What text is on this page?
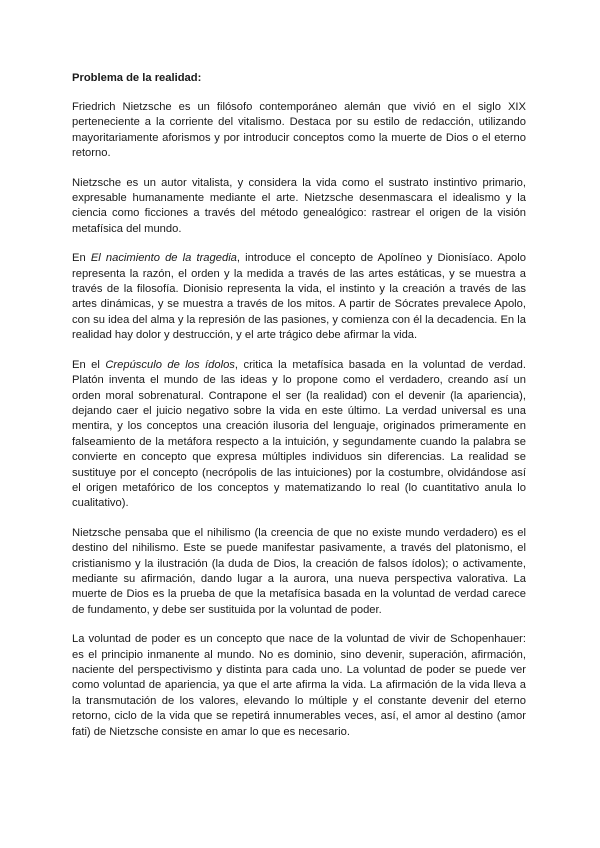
Problema de la realidad:

Friedrich Nietzsche es un filósofo contemporáneo alemán que vivió en el siglo XIX perteneciente a la corriente del vitalismo. Destaca por su estilo de redacción, utilizando mayoritariamente aforismos y por introducir conceptos como la muerte de Dios o el eterno retorno.

Nietzsche es un autor vitalista, y considera la vida como el sustrato instintivo primario, expresable humanamente mediante el arte. Nietzsche desenmascara el idealismo y la ciencia como ficciones a través del método genealógico: rastrear el origen de la visión metafísica del mundo.

En El nacimiento de la tragedia, introduce el concepto de Apolíneo y Dionisíaco. Apolo representa la razón, el orden y la medida a través de las artes estáticas, y se muestra a través de la filosofía. Dionisio representa la vida, el instinto y la creación a través de las artes dinámicas, y se muestra a través de los mitos. A partir de Sócrates prevalece Apolo, con su idea del alma y la represión de las pasiones, y comienza con él la decadencia. En la realidad hay dolor y destrucción, y el arte trágico debe afirmar la vida.

En el Crepúsculo de los ídolos, critica la metafísica basada en la voluntad de verdad. Platón inventa el mundo de las ideas y lo propone como el verdadero, creando así un orden moral sobrenatural. Contrapone el ser (la realidad) con el devenir (la apariencia), dejando caer el juicio negativo sobre la vida en este último. La verdad universal es una mentira, y los conceptos una creación ilusoria del lenguaje, originados primeramente en falseamiento de la metáfora respecto a la intuición, y segundamente cuando la palabra se convierte en concepto que expresa múltiples individuos sin diferencias. La realidad se sustituye por el concepto (necrópolis de las intuiciones) por la costumbre, olvidándose así el origen metafórico de los conceptos y matematizando lo real (lo cuantitativo anula lo cualitativo).

Nietzsche pensaba que el nihilismo (la creencia de que no existe mundo verdadero) es el destino del nihilismo. Este se puede manifestar pasivamente, a través del platonismo, el cristianismo y la ilustración (la duda de Dios, la creación de falsos ídolos); o activamente, mediante su afirmación, dando lugar a la aurora, una nueva perspectiva valorativa. La muerte de Dios es la prueba de que la metafísica basada en la voluntad de verdad carece de fundamento, y debe ser sustituida por la voluntad de poder.

La voluntad de poder es un concepto que nace de la voluntad de vivir de Schopenhauer: es el principio inmanente al mundo. No es dominio, sino devenir, superación, afirmación, naciente del perspectivismo y distinta para cada uno. La voluntad de poder se puede ver como voluntad de apariencia, ya que el arte afirma la vida. La afirmación de la vida lleva a la transmutación de los valores, elevando lo múltiple y el constante devenir del eterno retorno, ciclo de la vida que se repetirá innumerables veces, así, el amor al destino (amor fati) de Nietzsche consiste en amar lo que es necesario.
